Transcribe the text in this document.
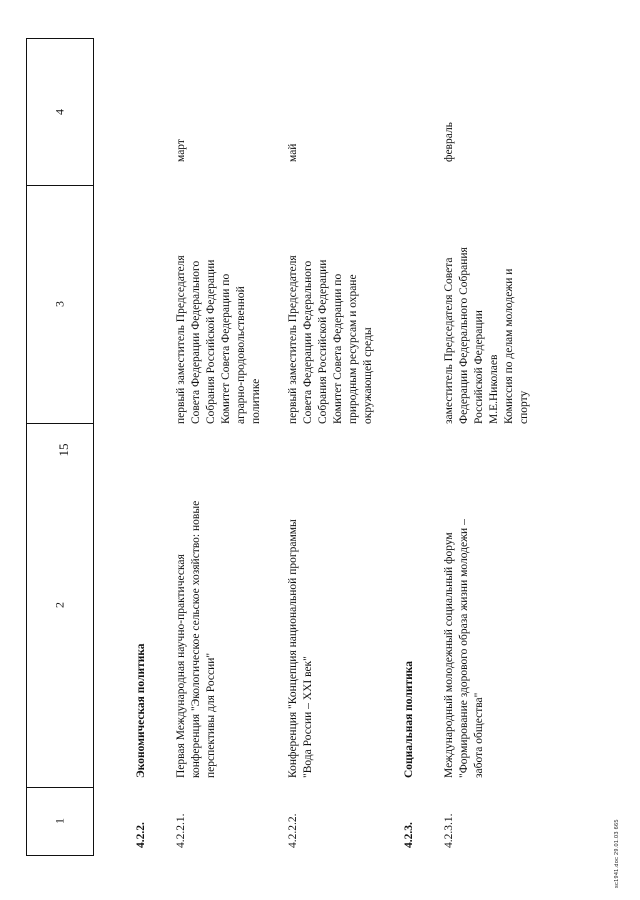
15
1
2
3
4
4.2.2.
Экономическая политика
4.2.2.1.
Первая Международная научно-практическая конференция "Экологическое сельское хозяйство: новые перспективы для России"
первый заместитель Председателя Совета Федерации Федерального Собрания Российской Федерации Комитет Совета Федерации по аграрно-продовольственной политике
март
4.2.2.2.
Конференция "Концепция национальной программы "Вода России – XXI век"
первый заместитель Председателя Совета Федерации Федерального Собрания Российской Федерации Комитет Совета Федерации по природным ресурсам и охране окружающей среды
май
4.2.3.
Социальная политика
4.2.3.1.
Международный молодежный социальный форум "Формирование здорового образа жизни молодежи – забота общества"
заместитель Председателя Совета Федерации Федерального Собрания Российской Федерации М.Е.Николаев Комиссия по делам молодежи и спорту
февраль
sc1941.doc 29.01.03 665
